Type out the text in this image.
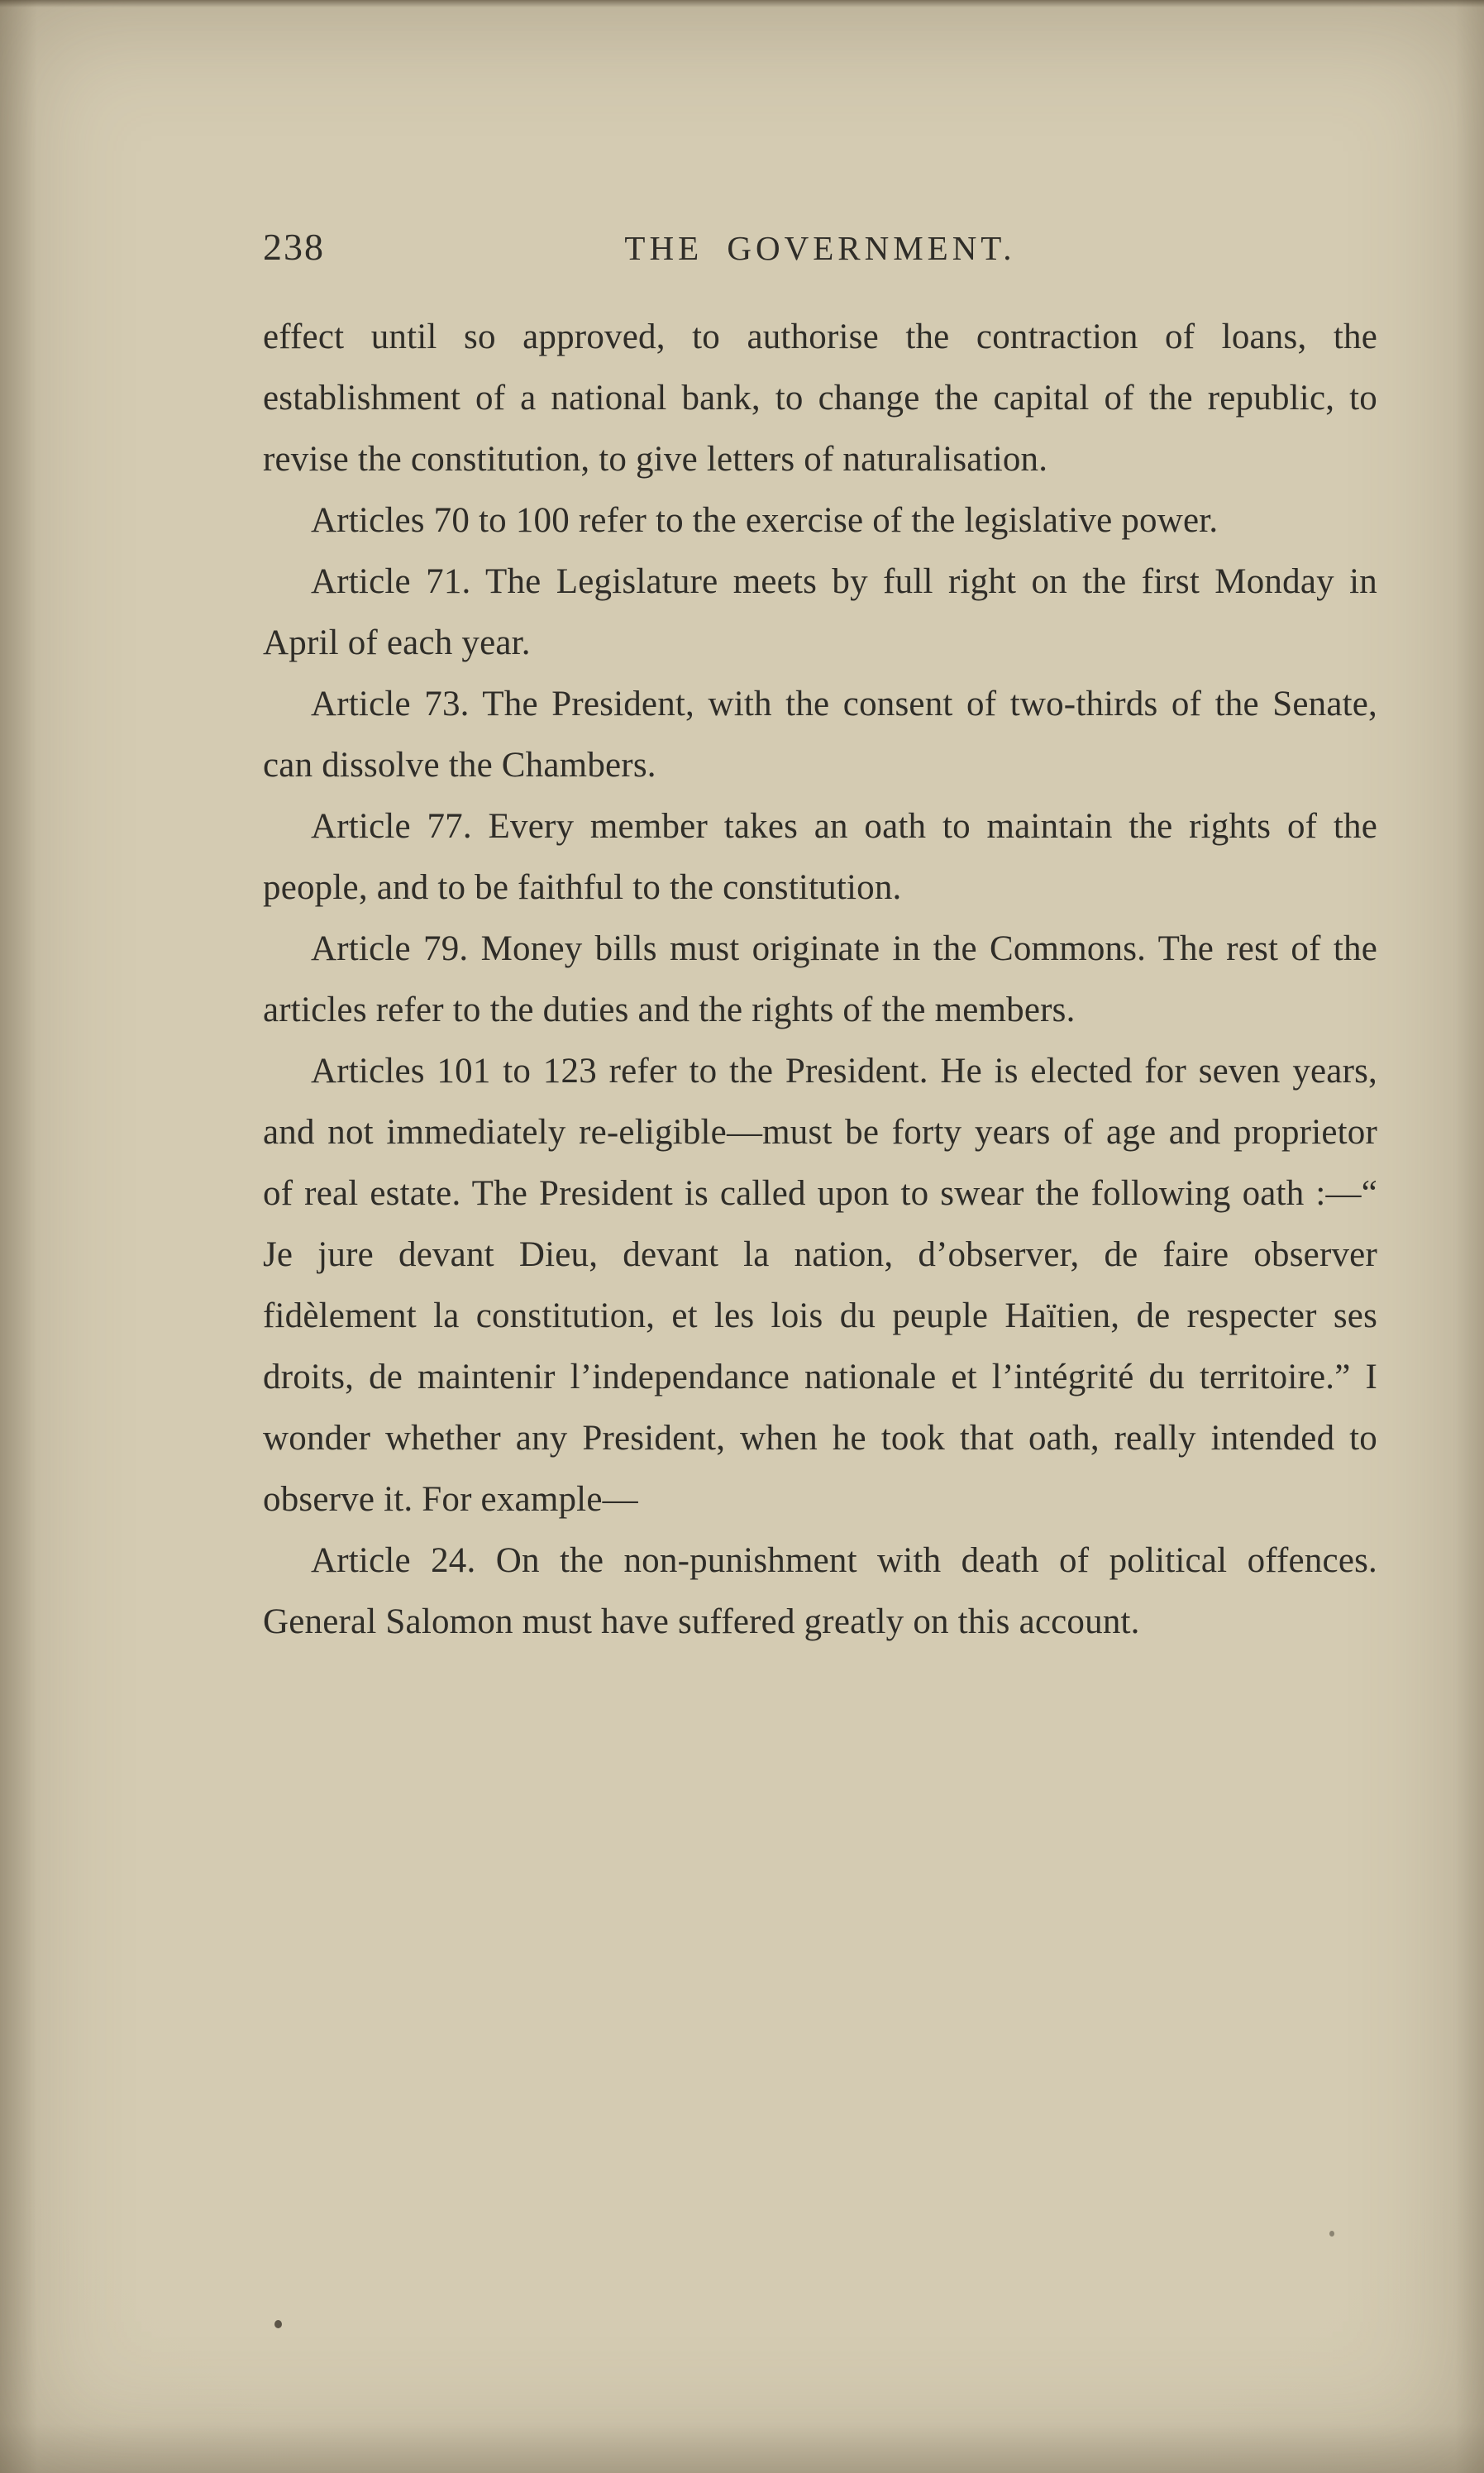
238	THE GOVERNMENT.

effect until so approved, to authorise the contraction of loans, the establishment of a national bank, to change the capital of the republic, to revise the constitution, to give letters of naturalisation.

Articles 70 to 100 refer to the exercise of the legislative power.

Article 71. The Legislature meets by full right on the first Monday in April of each year.

Article 73. The President, with the consent of two-thirds of the Senate, can dissolve the Chambers.

Article 77. Every member takes an oath to maintain the rights of the people, and to be faithful to the constitution.

Article 79. Money bills must originate in the Commons. The rest of the articles refer to the duties and the rights of the members.

Articles 101 to 123 refer to the President. He is elected for seven years, and not immediately re-eligible—must be forty years of age and proprietor of real estate. The President is called upon to swear the following oath :—“ Je jure devant Dieu, devant la nation, d’observer, de faire observer fidèlement la constitution, et les lois du peuple Haïtien, de respecter ses droits, de maintenir l’independance nationale et l’intégrité du territoire.” I wonder whether any President, when he took that oath, really intended to observe it. For example—

Article 24. On the non-punishment with death of political offences. General Salomon must have suffered greatly on this account.
